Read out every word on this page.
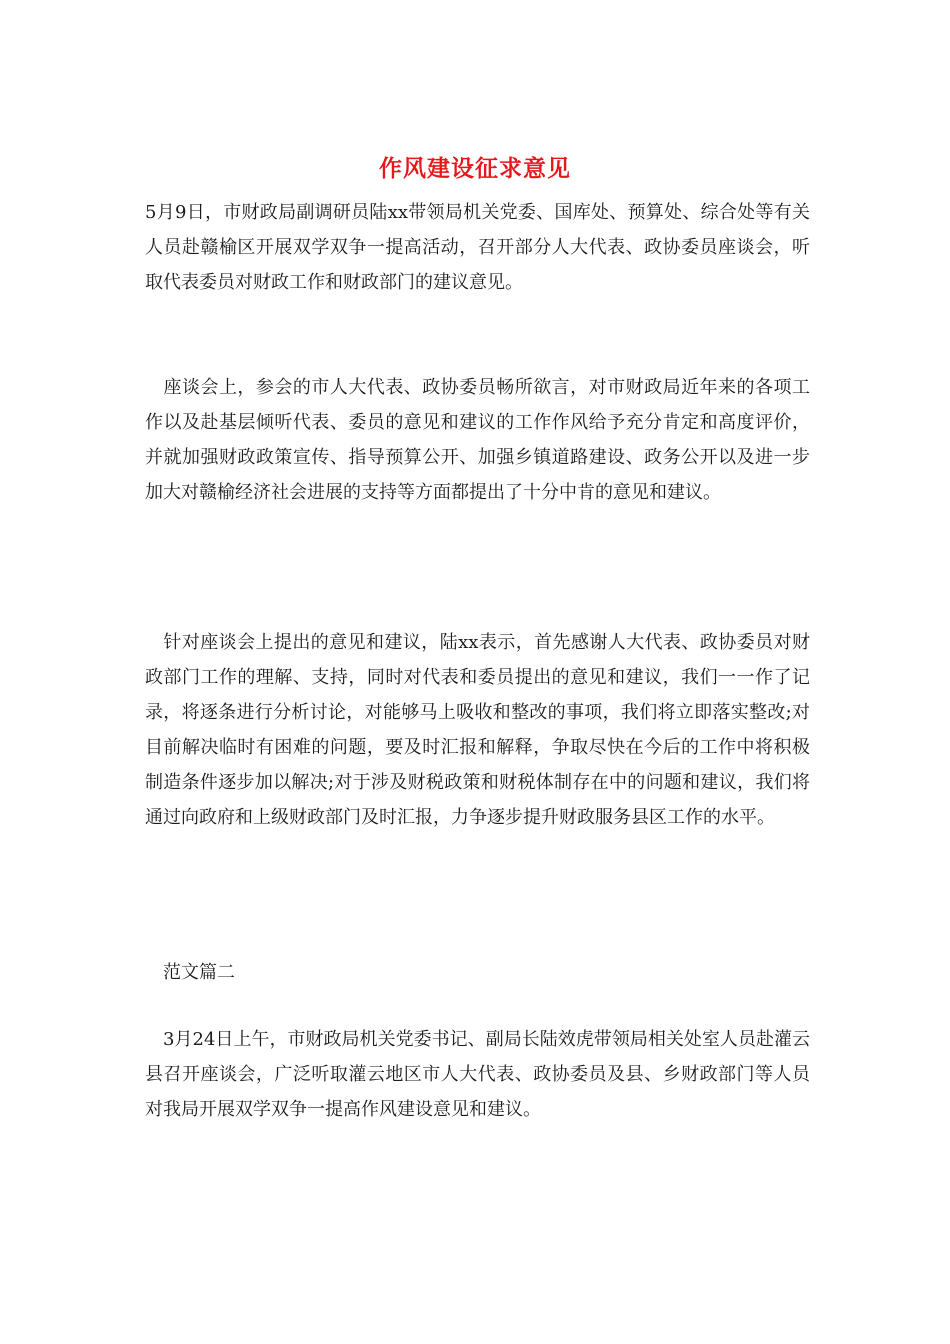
作风建设征求意见

5月9日，市财政局副调研员陆xx带领局机关党委、国库处、预算处、综合处等有关人员赴赣榆区开展双学双争一提高活动，召开部分人大代表、政协委员座谈会，听取代表委员对财政工作和财政部门的建议意见。

　座谈会上，参会的市人大代表、政协委员畅所欲言，对市财政局近年来的各项工作以及赴基层倾听代表、委员的意见和建议的工作作风给予充分肯定和高度评价，并就加强财政政策宣传、指导预算公开、加强乡镇道路建设、政务公开以及进一步加大对赣榆经济社会进展的支持等方面都提出了十分中肯的意见和建议。

　针对座谈会上提出的意见和建议，陆xx表示，首先感谢人大代表、政协委员对财政部门工作的理解、支持，同时对代表和委员提出的意见和建议，我们一一作了记录，将逐条进行分析讨论，对能够马上吸收和整改的事项，我们将立即落实整改;对目前解决临时有困难的问题，要及时汇报和解释，争取尽快在今后的工作中将积极制造条件逐步加以解决;对于涉及财税政策和财税体制存在中的问题和建议，我们将通过向政府和上级财政部门及时汇报，力争逐步提升财政服务县区工作的水平。

　范文篇二

　3月24日上午，市财政局机关党委书记、副局长陆效虎带领局相关处室人员赴灌云县召开座谈会，广泛听取灌云地区市人大代表、政协委员及县、乡财政部门等人员对我局开展双学双争一提高作风建设意见和建议。
